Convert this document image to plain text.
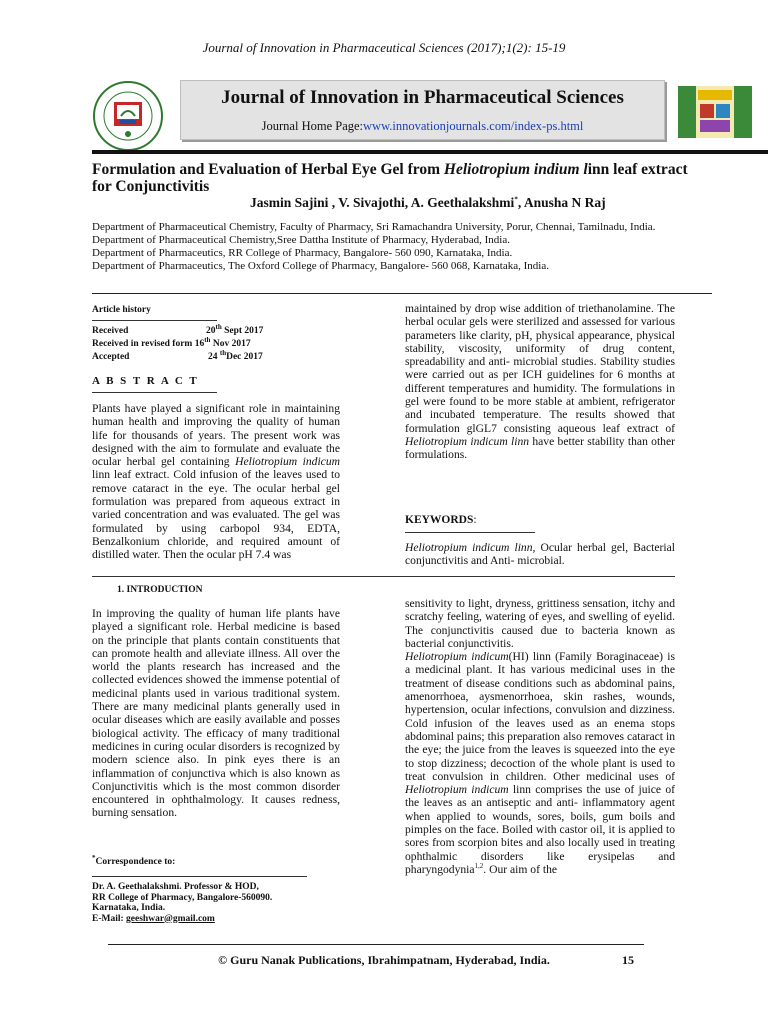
Journal of Innovation in Pharmaceutical Sciences (2017);1(2): 15-19
Journal of Innovation in Pharmaceutical Sciences
Journal Home Page:www.innovationjournals.com/index-ps.html
Formulation and Evaluation of Herbal Eye Gel from Heliotropium indium linn leaf extract for Conjunctivitis
Jasmin Sajini , V. Sivajothi, A. Geethalakshmi*, Anusha N Raj
Department of Pharmaceutical Chemistry, Faculty of Pharmacy, Sri Ramachandra University, Porur, Chennai, Tamilnadu, India.
Department of Pharmaceutical Chemistry,Sree Dattha Institute of Pharmacy, Hyderabad, India.
Department of Pharmaceutics, RR College of Pharmacy, Bangalore- 560 090, Karnataka, India.
Department of Pharmaceutics, The Oxford College of Pharmacy, Bangalore- 560 068, Karnataka, India.
Article history
Received	20th Sept 2017
Received in revised form 16th Nov 2017
Accepted	24 $^{th}$Dec 2017
A B S T R A C T
Plants have played a significant role in maintaining human health and improving the quality of human life for thousands of years. The present work was designed with the aim to formulate and evaluate the ocular herbal gel containing Heliotropium indicum linn leaf extract. Cold infusion of the leaves used to remove cataract in the eye. The ocular herbal gel formulation was prepared from aqueous extract in varied concentration and was evaluated. The gel was formulated by using carbopol 934, EDTA, Benzalkonium chloride, and required amount of distilled water. Then the ocular pH 7.4 was
maintained by drop wise addition of triethanolamine. The herbal ocular gels were sterilized and assessed for various parameters like clarity, pH, physical appearance, physical stability, viscosity, uniformity of drug content, spreadability and anti- microbial studies. Stability studies were carried out as per ICH guidelines for 6 months at different temperatures and humidity. The formulations in gel were found to be more stable at ambient, refrigerator and incubated temperature. The results showed that formulation glGL7 consisting aqueous leaf extract of Heliotropium indicum linn have better stability than other formulations.
KEYWORDS:
Heliotropium indicum linn, Ocular herbal gel, Bacterial conjunctivitis and Anti- microbial.
1. INTRODUCTION
In improving the quality of human life plants have played a significant role. Herbal medicine is based on the principle that plants contain constituents that can promote health and alleviate illness. All over the world the plants research has increased and the collected evidences showed the immense potential of medicinal plants used in various traditional system. There are many medicinal plants generally used in ocular diseases which are easily available and posses biological activity. The efficacy of many traditional medicines in curing ocular disorders is recognized by modern science also. In pink eyes there is an inflammation of conjunctiva which is also known as Conjunctivitis which is the most common disorder encountered in ophthalmology. It causes redness, burning sensation.
sensitivity to light, dryness, grittiness sensation, itchy and scratchy feeling, watering of eyes, and swelling of eyelid. The conjunctivitis caused due to bacteria known as bacterial conjunctivitis.
Heliotropium indicum(HI) linn (Family Boraginaceae) is a medicinal plant. It has various medicinal uses in the treatment of disease conditions such as abdominal pains, amenorrhoea, aysmenorrhoea, skin rashes, wounds, hypertension, ocular infections, convulsion and dizziness. Cold infusion of the leaves used as an enema stops abdominal pains; this preparation also removes cataract in the eye; the juice from the leaves is squeezed into the eye to stop dizziness; decoction of the whole plant is used to treat convulsion in children. Other medicinal uses of Heliotropium indicum linn comprises the use of juice of the leaves as an antiseptic and anti- inflammatory agent when applied to wounds, sores, boils, gum boils and pimples on the face. Boiled with castor oil, it is applied to sores from scorpion bites and also locally used in treating ophthalmic disorders like erysipelas and pharyngodynia$^{1,2}$. Our aim of the
*Correspondence to:
Dr. A. Geethalakshmi. Professor & HOD,
RR College of Pharmacy, Bangalore-560090.
Karnataka, India.
E-Mail: geeshwar@gmail.com
© Guru Nanak Publications, Ibrahimpatnam, Hyderabad, India.	15
